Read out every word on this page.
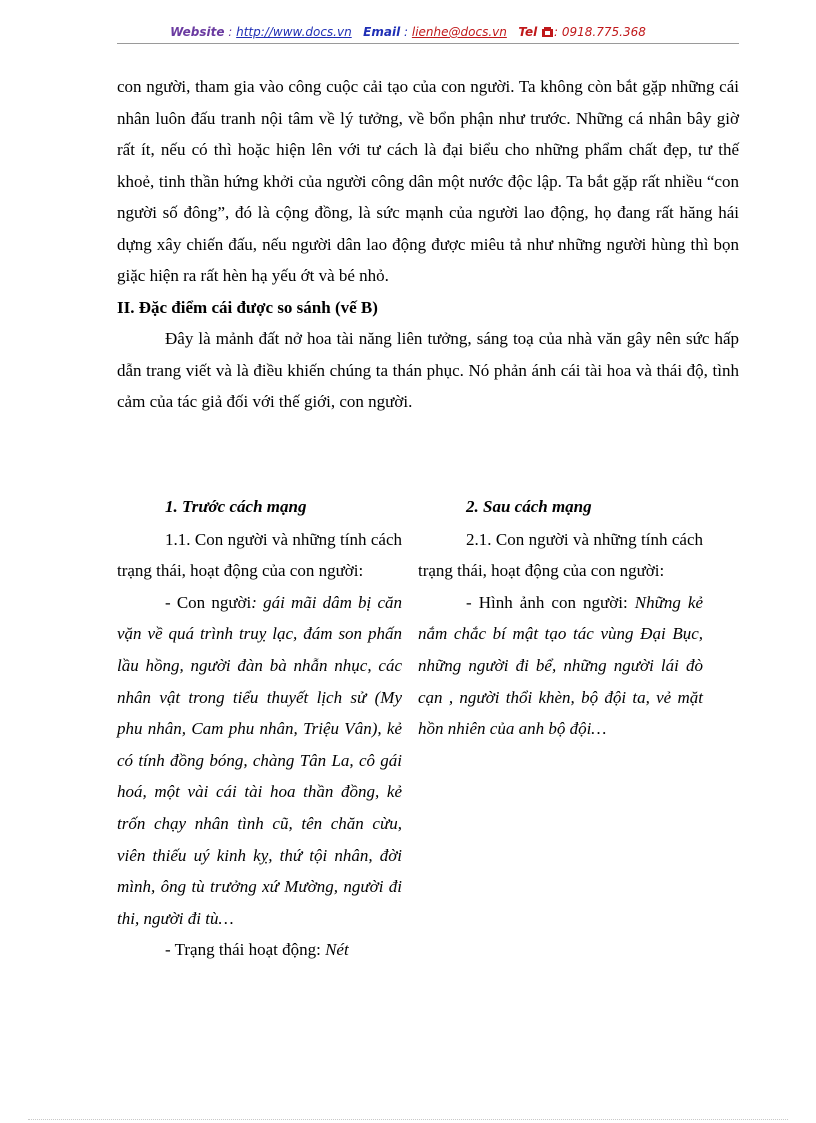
Website : http://www.docs.vn Email : lienhe@docs.vn Tel : 0918.775.368

con người, tham gia vào công cuộc cải tạo của con người. Ta không còn bắt gặp những cái nhân luôn đấu tranh nội tâm về lý tưởng, về bổn phận như trước. Những cá nhân bây giờ rất ít, nếu có thì hoặc hiện lên với tư cách là đại biểu cho những phẩm chất đẹp, tư thế khoẻ, tinh thần hứng khởi của người công dân một nước độc lập. Ta bắt gặp rất nhiều “con người số đông”, đó là cộng đồng, là sức mạnh của người lao động, họ đang rất hăng hái dựng xây chiến đấu, nếu người dân lao động được miêu tả như những người hùng thì bọn giặc hiện ra rất hèn hạ yếu ớt và bé nhỏ.

II. Đặc điểm cái được so sánh (vế B)

Đây là mảnh đất nở hoa tài năng liên tưởng, sáng toạ của nhà văn gây nên sức hấp dẫn trang viết và là điều khiến chúng ta thán phục. Nó phản ánh cái tài hoa và thái độ, tình cảm của tác giả đối với thế giới, con người.

1. Trước cách mạng

1.1. Con người và những tính cách trạng thái, hoạt động của con người:

- Con người: gái mãi dâm bị căn vặn về quá trình truỵ lạc, đám son phấn lầu hồng, người đàn bà nhẫn nhục, các nhân vật trong tiểu thuyết lịch sử (My phu nhân, Cam phu nhân, Triệu Vân), kẻ có tính đồng bóng, chàng Tân La, cô gái hoá, một vài cái tài hoa thần đồng, kẻ trốn chạy nhân tình cũ, tên chăn cừu, viên thiếu uý kinh kỵ, thứ tội nhân, đời mình, ông tù trưởng xứ Mường, người đi thi, người đi tù…

- Trạng thái hoạt động: Nét

2. Sau cách mạng

2.1. Con người và những tính cách trạng thái, hoạt động của con người:

- Hình ảnh con người: Những kẻ nắm chắc bí mật tạo tác vùng Đại Bục, những người đi bể, những người lái đò cạn , người thổi khèn, bộ đội ta, vẻ mặt hồn nhiên của anh bộ đội…
